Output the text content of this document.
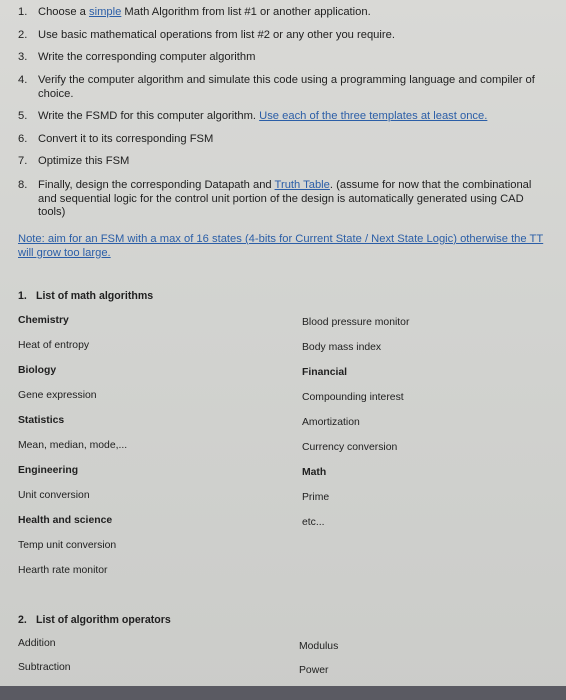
1. Choose a simple Math Algorithm from list #1 or another application.
2. Use basic mathematical operations from list #2 or any other you require.
3. Write the corresponding computer algorithm
4. Verify the computer algorithm and simulate this code using a programming language and compiler of choice.
5. Write the FSMD for this computer algorithm. Use each of the three templates at least once.
6. Convert it to its corresponding FSM
7. Optimize this FSM
8. Finally, design the corresponding Datapath and Truth Table. (assume for now that the combinational and sequential logic for the control unit portion of the design is automatically generated using CAD tools)
Note: aim for an FSM with a max of 16 states (4-bits for Current State / Next State Logic) otherwise the TT will grow too large.
1. List of math algorithms
Chemistry
Heat of entropy
Biology
Gene expression
Statistics
Mean, median, mode,...
Engineering
Unit conversion
Health and science
Temp unit conversion
Hearth rate monitor
Blood pressure monitor
Body mass index
Financial
Compounding interest
Amortization
Currency conversion
Math
Prime
etc...
2. List of algorithm operators
Addition
Subtraction
Modulus
Power
